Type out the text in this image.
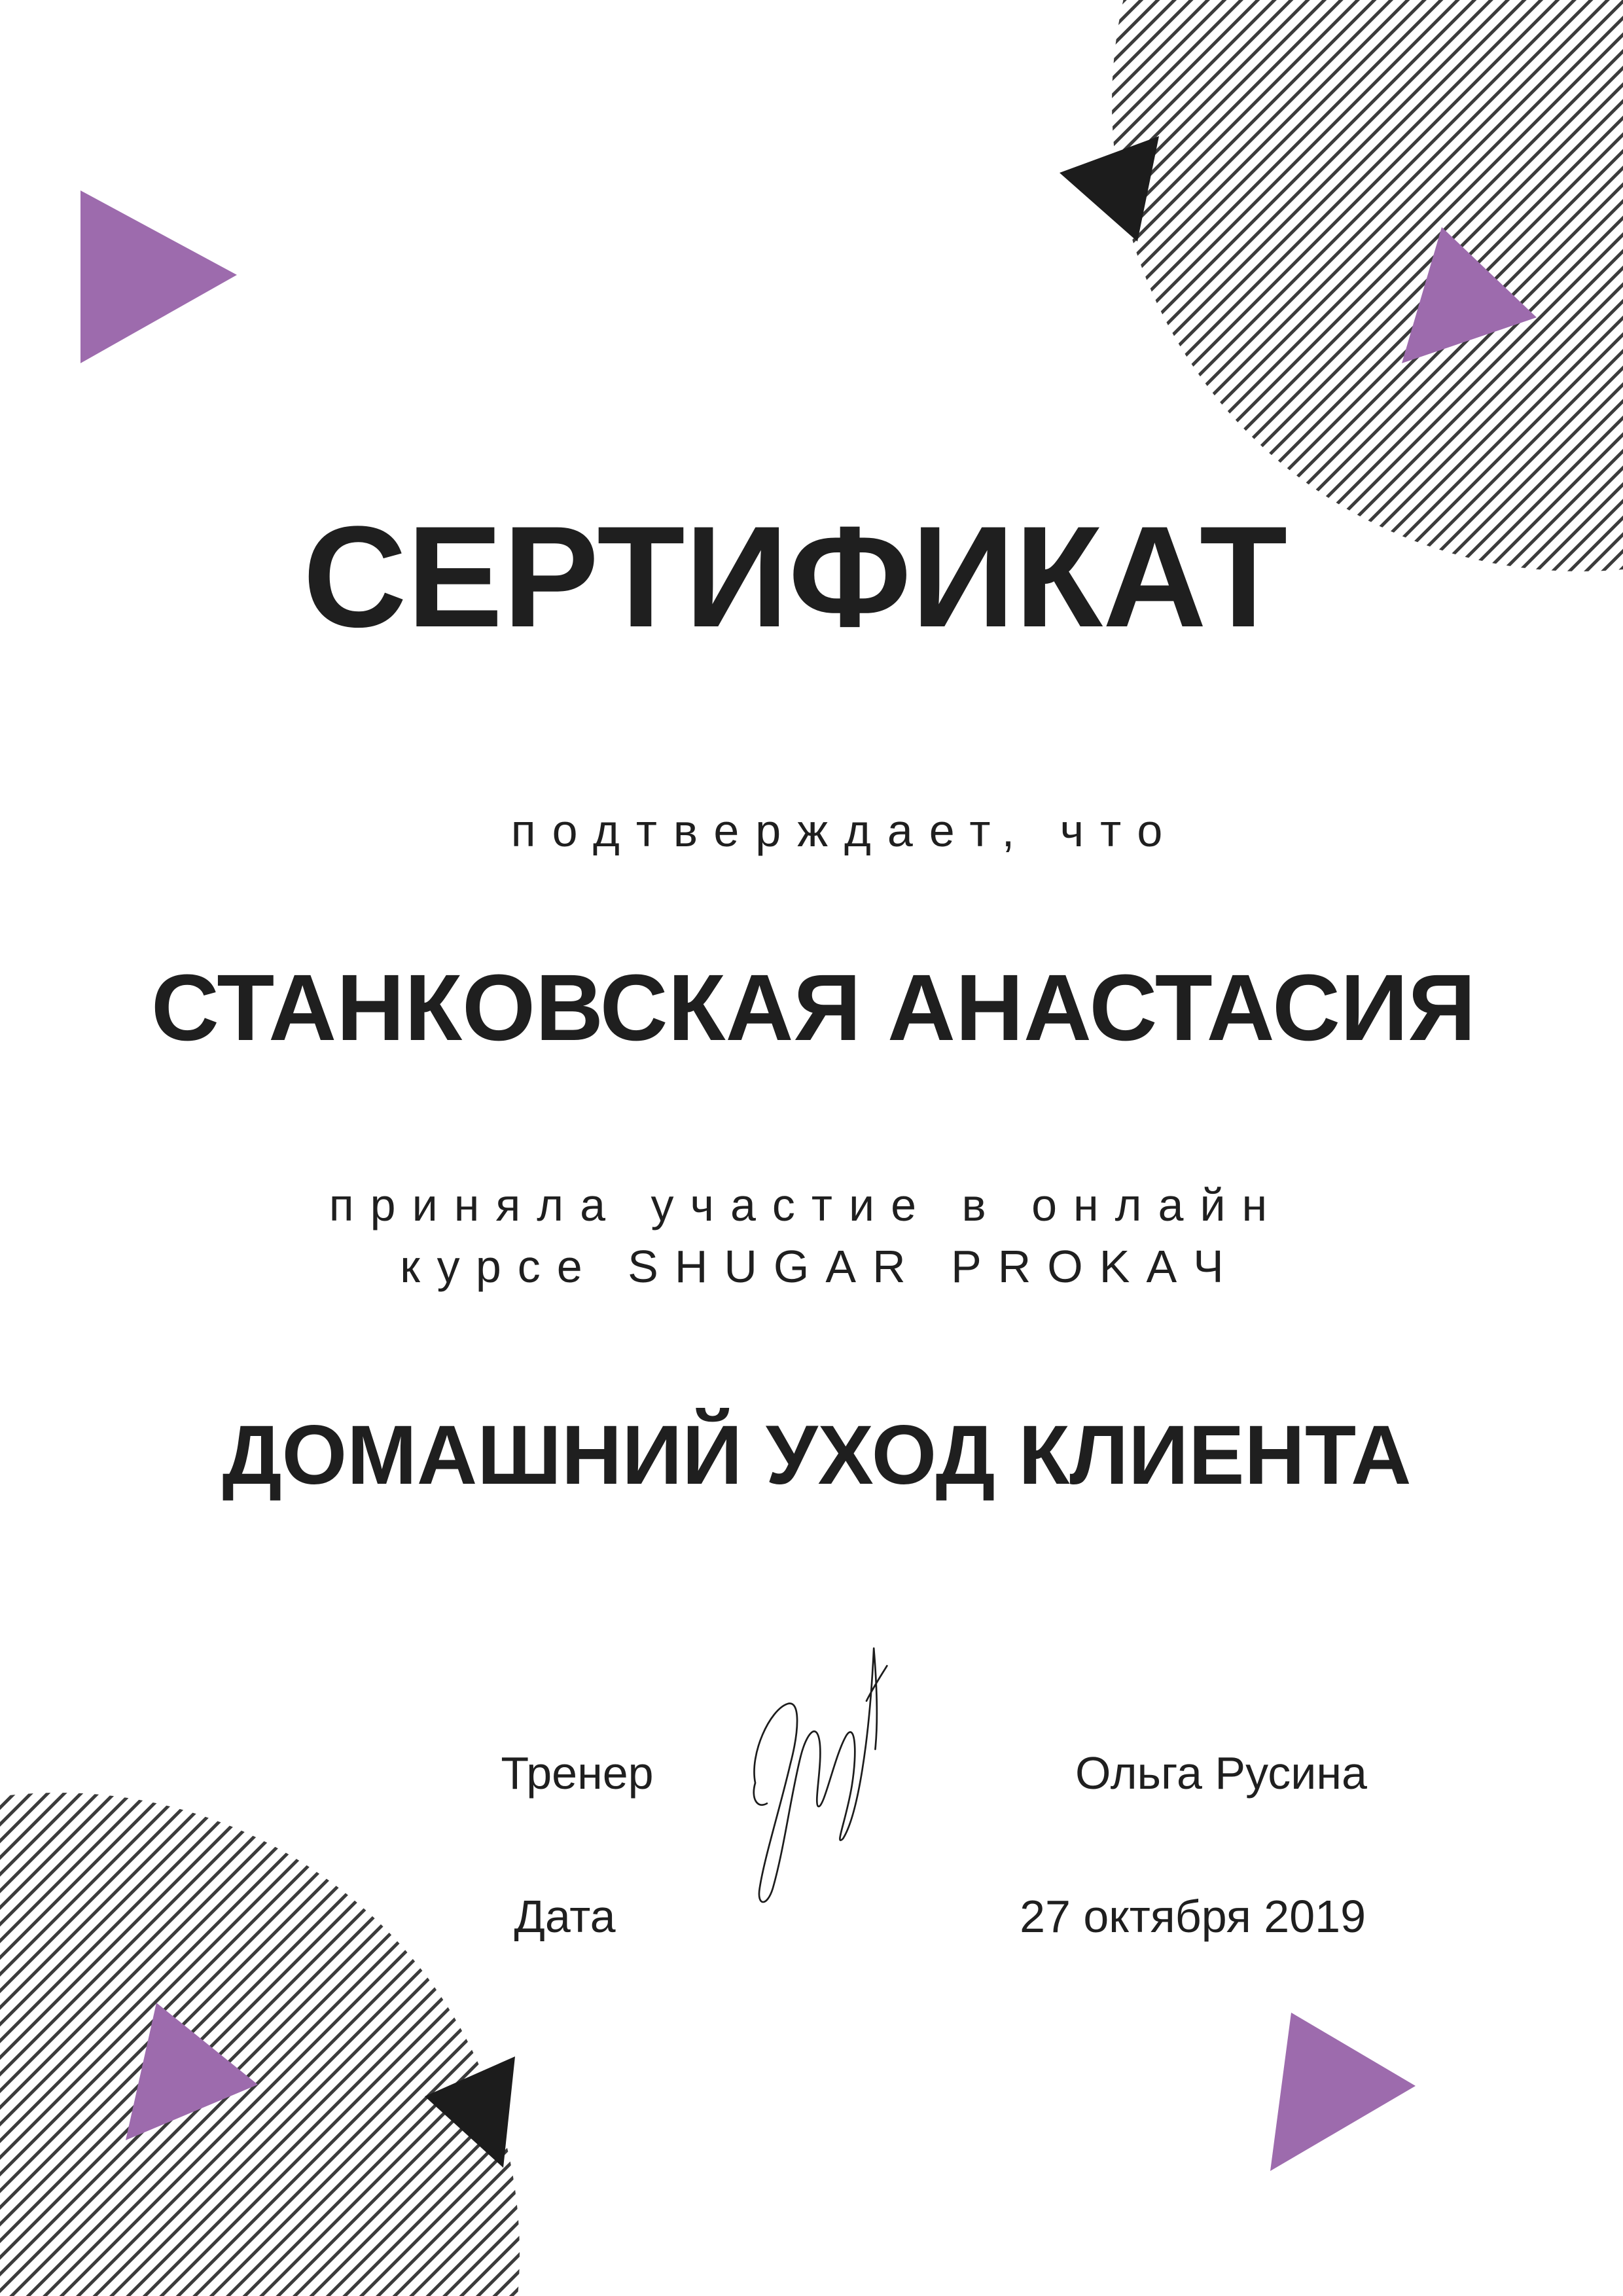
СЕРТИФИКАТ
подтверждает, что
СТАНКОВСКАЯ АНАСТАСИЯ
приняла участие в онлайн
курсе SHUGAR PROKAЧ
ДОМАШНИЙ УХОД КЛИЕНТА
Тренер	Ольга Русина
Дата	27 октября 2019
